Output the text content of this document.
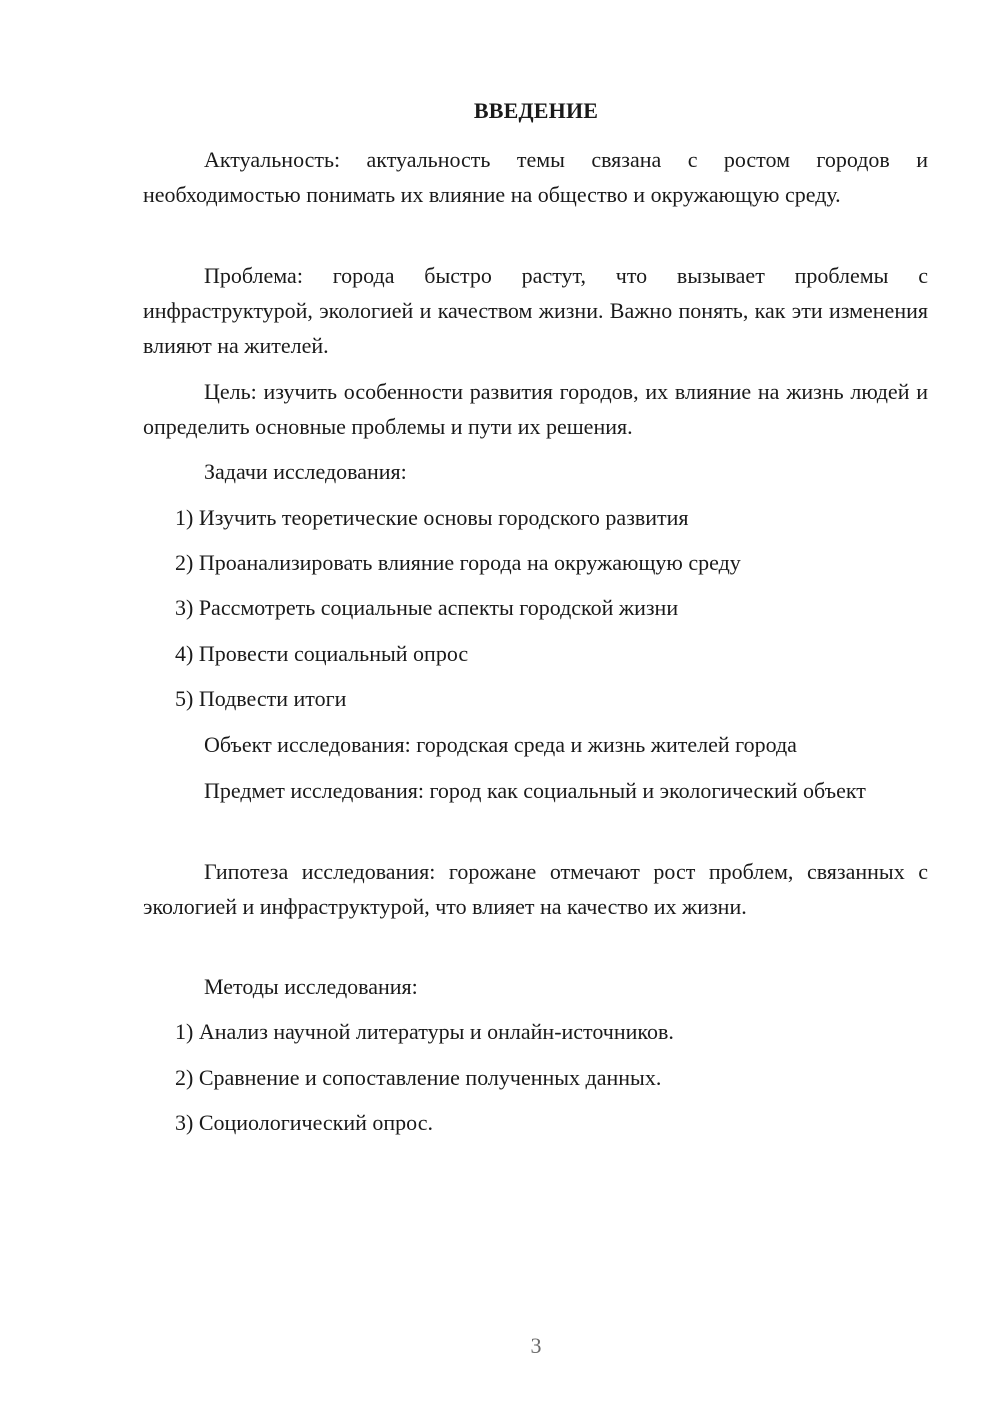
ВВЕДЕНИЕ

Актуальность: актуальность темы связана с ростом городов и необходимостью понимать их влияние на общество и окружающую среду.

Проблема: города быстро растут, что вызывает проблемы с инфраструктурой, экологией и качеством жизни. Важно понять, как эти изменения влияют на жителей.

Цель: изучить особенности развития городов, их влияние на жизнь людей и определить основные проблемы и пути их решения.

Задачи исследования:

1) Изучить теоретические основы городского развития

2) Проанализировать влияние города на окружающую среду

3) Рассмотреть социальные аспекты городской жизни

4) Провести социальный опрос

5) Подвести итоги

Объект исследования: городская среда и жизнь жителей города

Предмет исследования: город как социальный и экологический объект

Гипотеза исследования: горожане отмечают рост проблем, связанных с экологией и инфраструктурой, что влияет на качество их жизни.

Методы исследования:

1) Анализ научной литературы и онлайн-источников.

2) Сравнение и сопоставление полученных данных.

3) Социологический опрос.

3
